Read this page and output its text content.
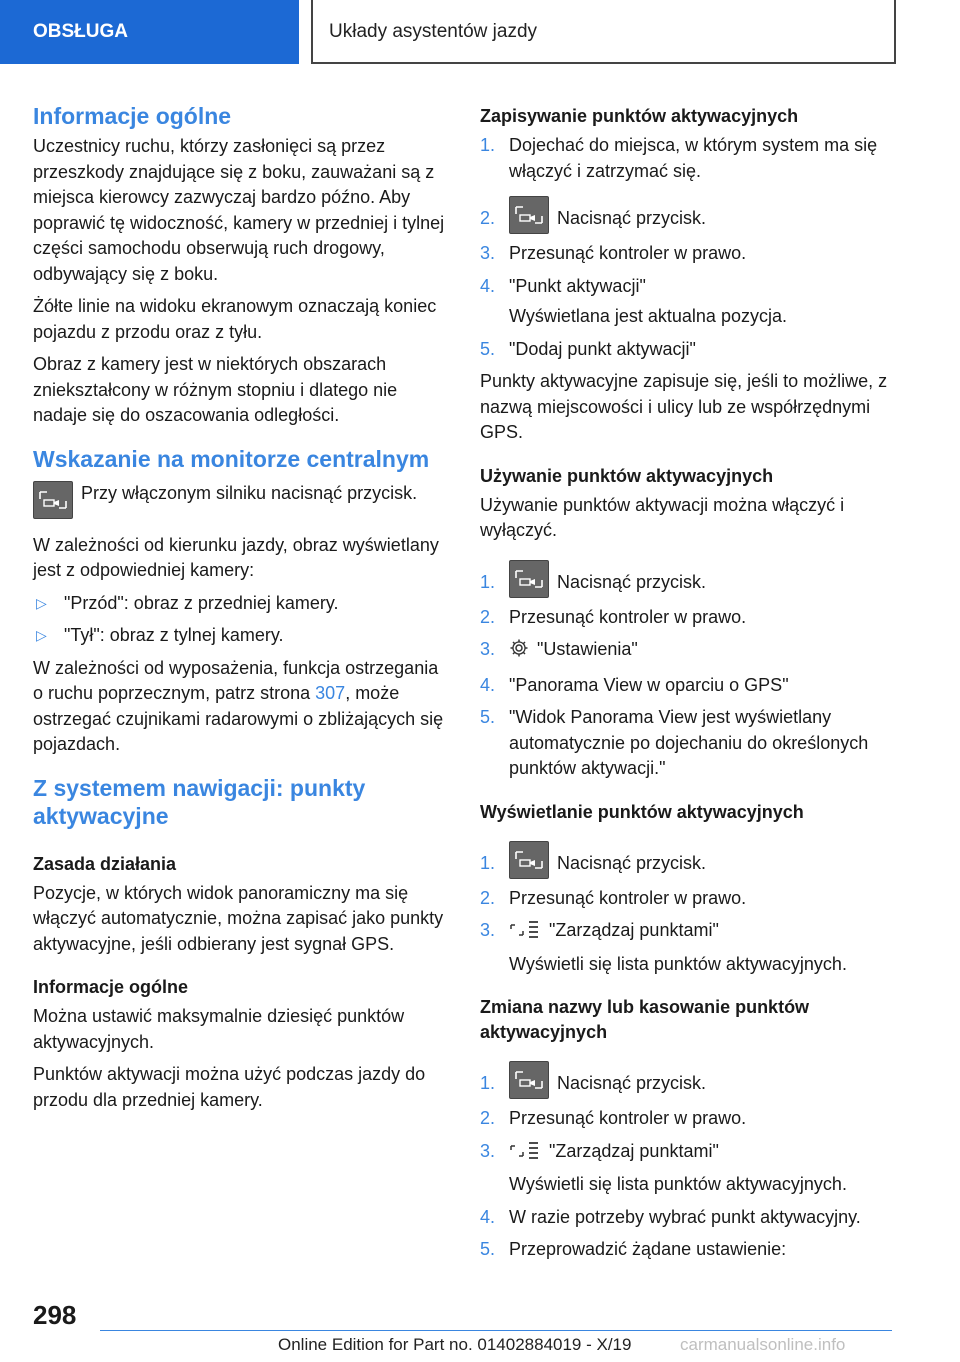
OBSŁUGA	Układy asystentów jazdy
Informacje ogólne

Uczestnicy ruchu, którzy zasłonięci są przez przeszkody znajdujące się z boku, zauważani są z miejsca kierowcy zazwyczaj bardzo późno. Aby poprawić tę widoczność, kamery w przedniej i tylnej części samochodu obserwują ruch drogowy, odbywający się z boku.

Żółte linie na widoku ekranowym oznaczają koniec pojazdu z przodu oraz z tyłu.

Obraz z kamery jest w niektórych obszarach zniekształcony w różnym stopniu i dlatego nie nadaje się do oszacowania odległości.

Wskazanie na monitorze centralnym
Przy włączonym silniku nacisnąć przycisk.

W zależności od kierunku jazdy, obraz wyświetlany jest z odpowiedniej kamery:

▷ "Przód": obraz z przedniej kamery.
▷ "Tył": obraz z tylnej kamery.

W zależności od wyposażenia, funkcja ostrzegania o ruchu poprzecznym, patrz strona 307, może ostrzegać czujnikami radarowymi o zbliżających się pojazdach.

Z systemem nawigacji: punkty aktywacyjne
Zasada działania

Pozycje, w których widok panoramiczny ma się włączyć automatycznie, można zapisać jako punkty aktywacyjne, jeśli odbierany jest sygnał GPS.

Informacje ogólne

Można ustawić maksymalnie dziesięć punktów aktywacyjnych.

Punktów aktywacji można użyć podczas jazdy do przodu dla przedniej kamery.

Zapisywanie punktów aktywacyjnych
1. Dojechać do miejsca, w którym system ma się włączyć i zatrzymać się.
2.	Nacisnąć przycisk.
3. Przesunąć kontroler w prawo.
4. "Punkt aktywacji"
Wyświetlana jest aktualna pozycja.
5. "Dodaj punkt aktywacji"

Punkty aktywacyjne zapisuje się, jeśli to możliwe, z nazwą miejscowości i ulicy lub ze współrzędnymi GPS.

Używanie punktów aktywacyjnych

Używanie punktów aktywacji można włączyć i wyłączyć.

1.	Nacisnąć przycisk.
2. Przesunąć kontroler w prawo.
3.	"Ustawienia"
4. "Panorama View w oparciu o GPS"
5. "Widok Panorama View jest wyświetlany automatycznie po dojechaniu do określonych punktów aktywacji."
Wyświetlanie punktów aktywacyjnych
1.	Nacisnąć przycisk.
2. Przesunąć kontroler w prawo.
3.	"Zarządzaj punktami"
Wyświetli się lista punktów aktywacyjnych.
Zmiana nazwy lub kasowanie punktów aktywacyjnych
1.	Nacisnąć przycisk.
2. Przesunąć kontroler w prawo.
3.	"Zarządzaj punktami"
Wyświetli się lista punktów aktywacyjnych.
4. W razie potrzeby wybrać punkt aktywacyjny.
5. Przeprowadzić żądane ustawienie:
298
Online Edition for Part no. 01402884019 - X/19	carmanualsonline.info
